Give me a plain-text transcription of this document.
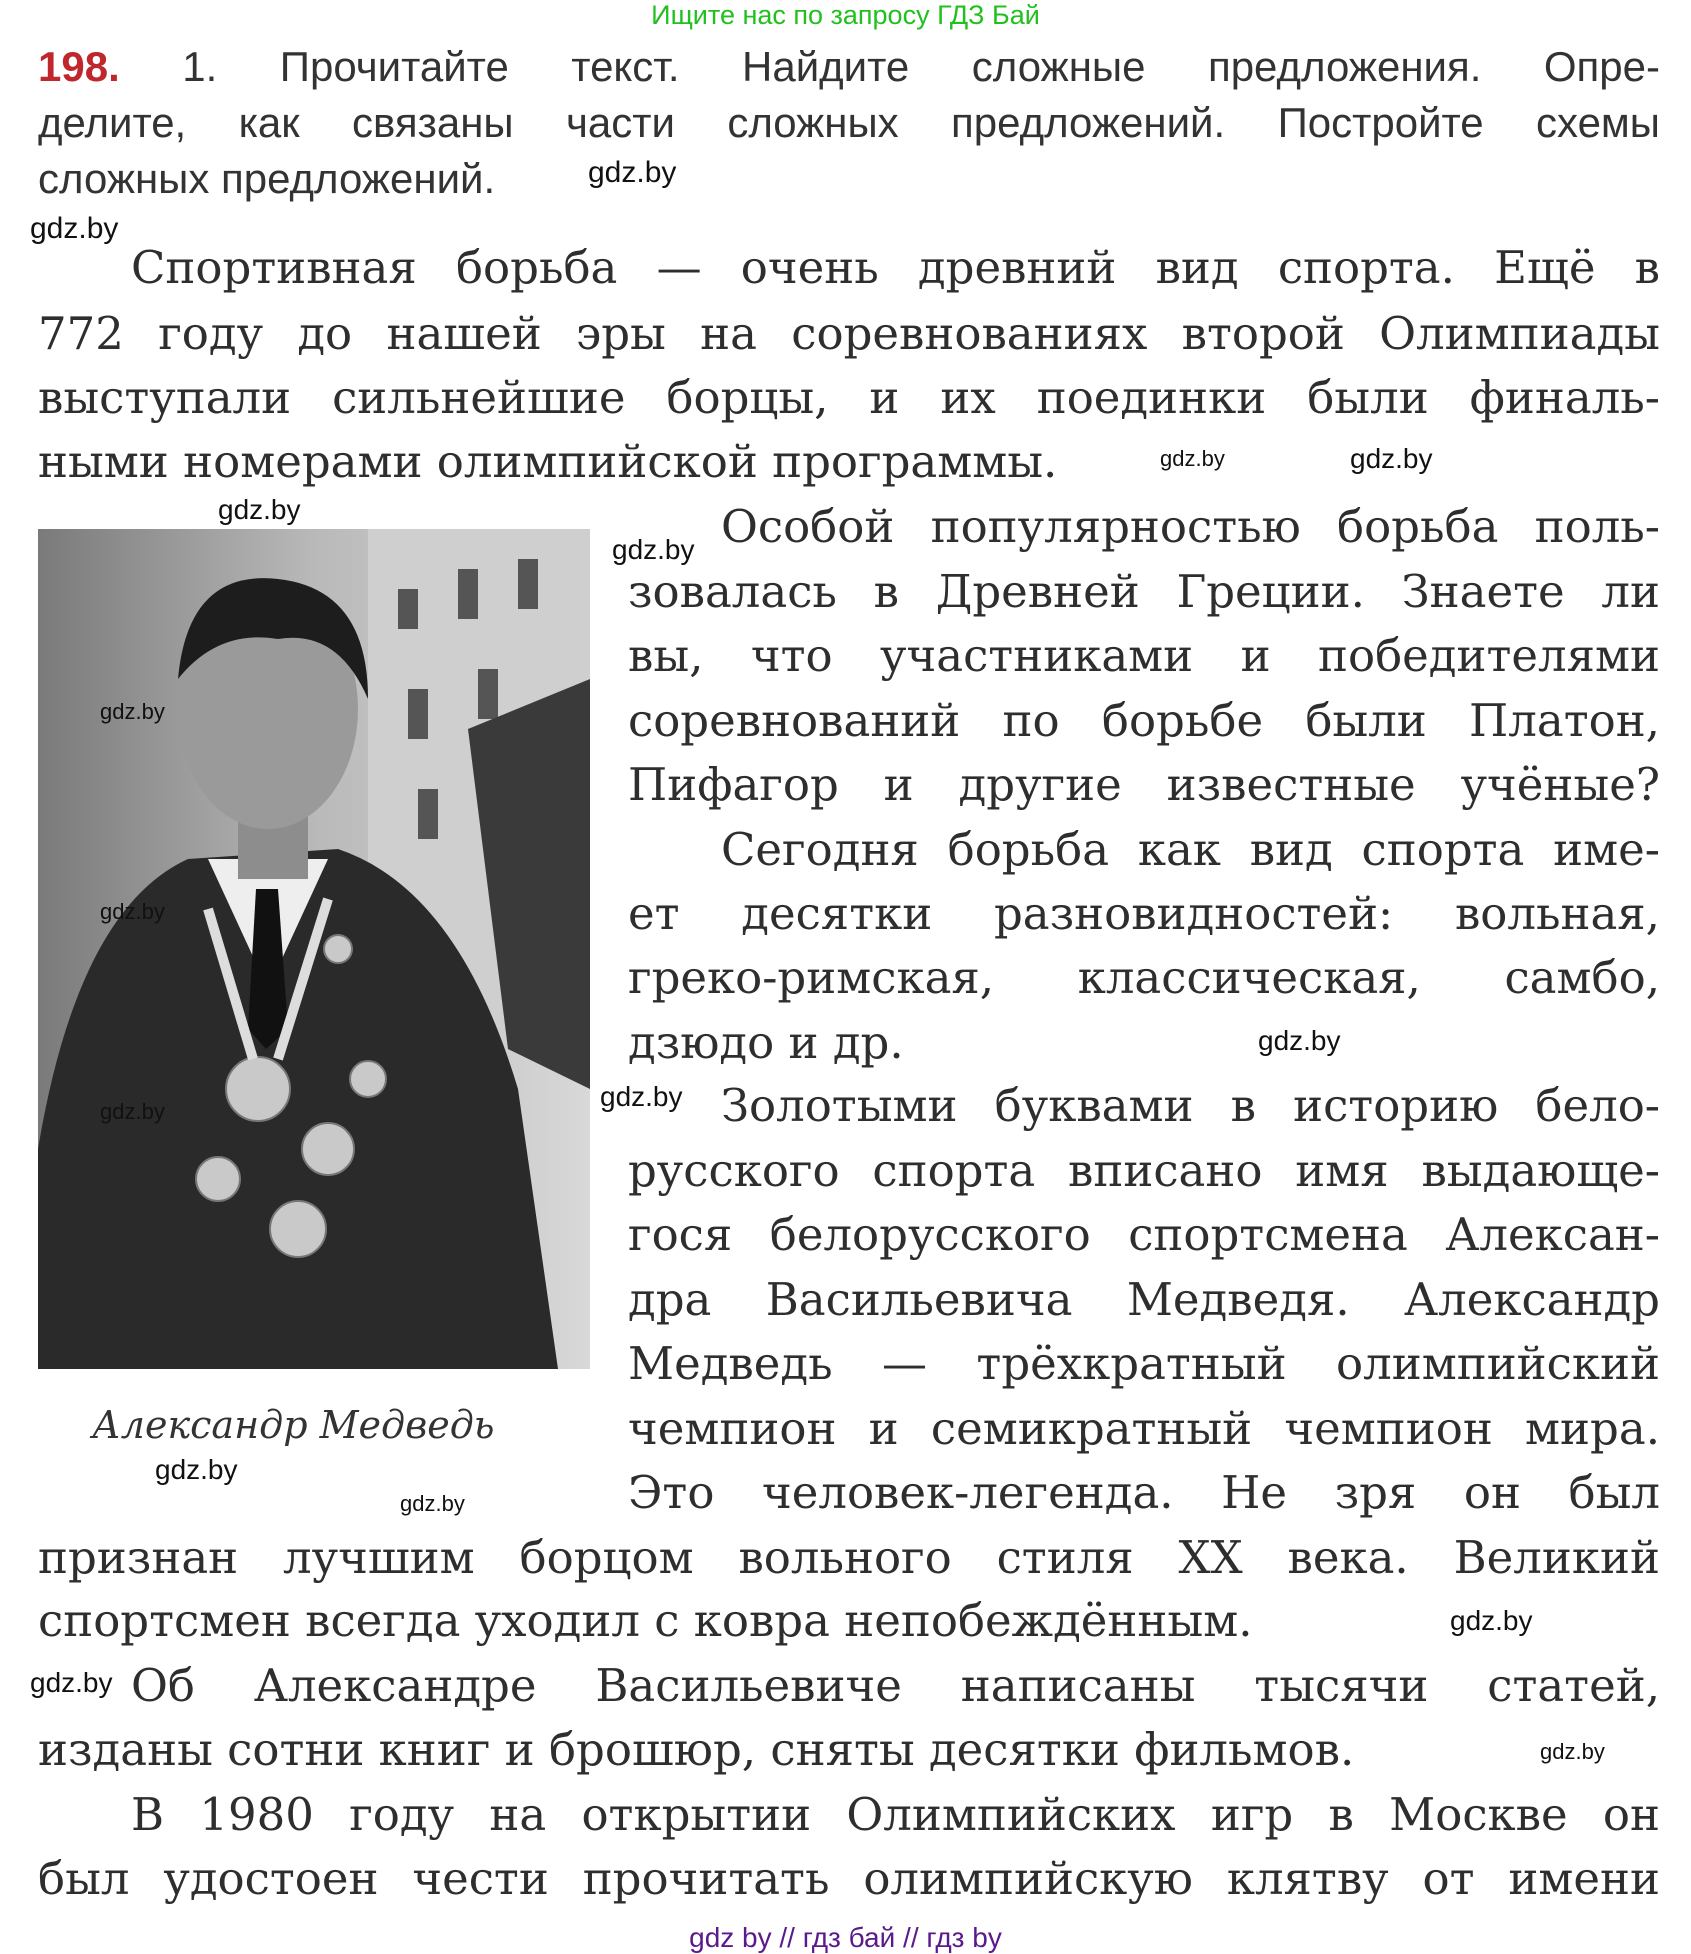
Ищите нас по запросу ГДЗ Бай
198. 1. Прочитайте текст. Найдите сложные предложения. Опре-
делите, как связаны части сложных предложений. Постройте схемы
сложных предложений.
Спортивная борьба — очень древний вид спорта. Ещё в
772 году до нашей эры на соревнованиях второй Олимпиады
выступали сильнейшие борцы, и их поединки были финаль-
ными номерами олимпийской программы.
Особой популярностью борьба поль-
зовалась в Древней Греции. Знаете ли
вы, что участниками и победителями
соревнований по борьбе были Платон,
Пифагор и другие известные учёные?
Сегодня борьба как вид спорта име-
ет десятки разновидностей: вольная,
греко-римская, классическая, самбо,
дзюдо и др.
Золотыми буквами в историю бело-
русского спорта вписано имя выдающе-
гося белорусского спортсмена Алексан-
дра Васильевича Медведя. Александр
Медведь — трёхкратный олимпийский
чемпион и семикратный чемпион мира.
Это человек-легенда. Не зря он был
признан лучшим борцом вольного стиля XX века. Великий
спортсмен всегда уходил с ковра непобеждённым.
Об Александре Васильевиче написаны тысячи статей,
изданы сотни книг и брошюр, сняты десятки фильмов.
В 1980 году на открытии Олимпийских игр в Москве он
был удостоен чести прочитать олимпийскую клятву от имени
Александр Медведь
gdz.by
gdz.by
gdz.by	gdz.by
gdz.by
gdz.by
gdz.by
gdz.by
gdz.by
gdz.by
gdz.by
gdz.by
gdz.by
gdz.by
gdz.by
gdz.by
gdz by // гдз бай // гдз by
